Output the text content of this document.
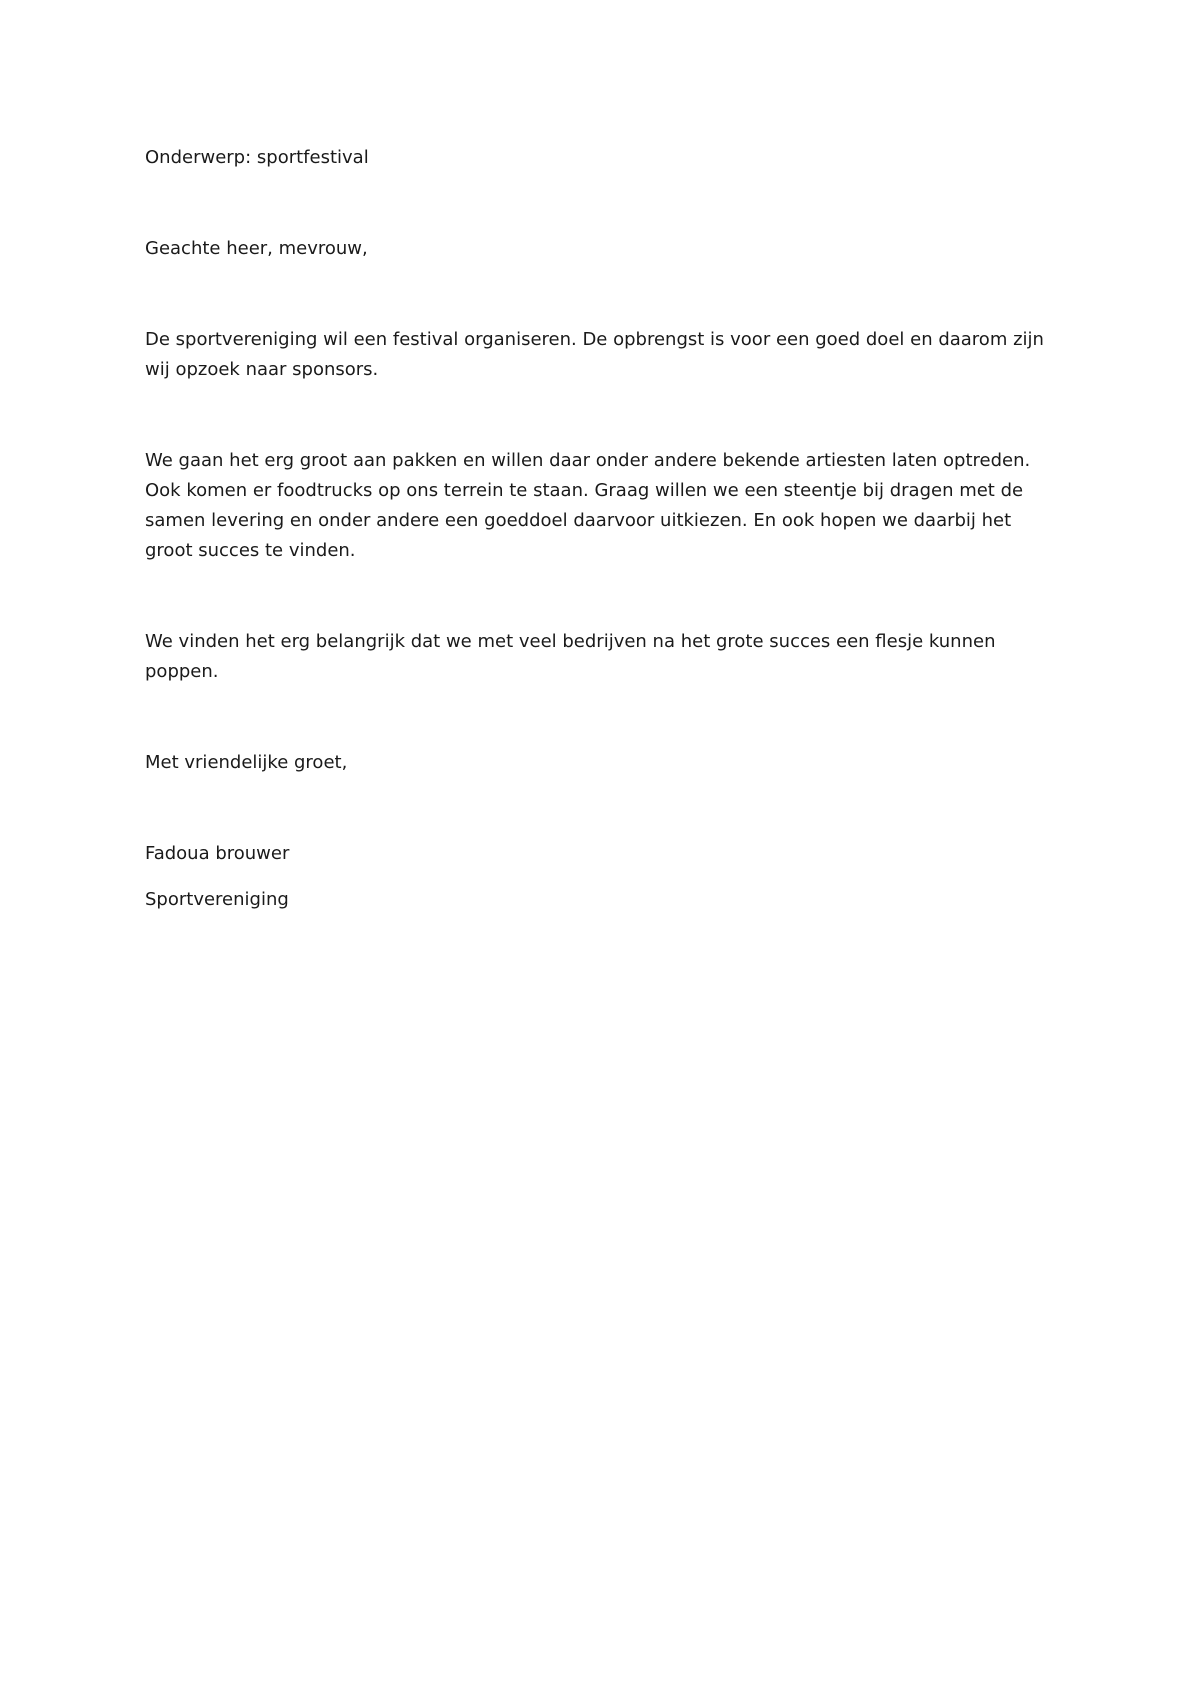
Onderwerp: sportfestival
Geachte heer, mevrouw,
De sportvereniging wil een festival organiseren. De opbrengst is voor een goed doel en daarom zijn
wij opzoek naar sponsors.
We gaan het erg groot aan pakken en willen daar onder andere bekende artiesten laten optreden.
Ook komen er foodtrucks op ons terrein te staan. Graag willen we een steentje bij dragen met de
samen levering en onder andere een goeddoel daarvoor uitkiezen. En ook hopen we daarbij het
groot succes te vinden.
We vinden het erg belangrijk dat we met veel bedrijven na het grote succes een flesje kunnen
poppen.
Met vriendelijke groet,
Fadoua brouwer
Sportvereniging
